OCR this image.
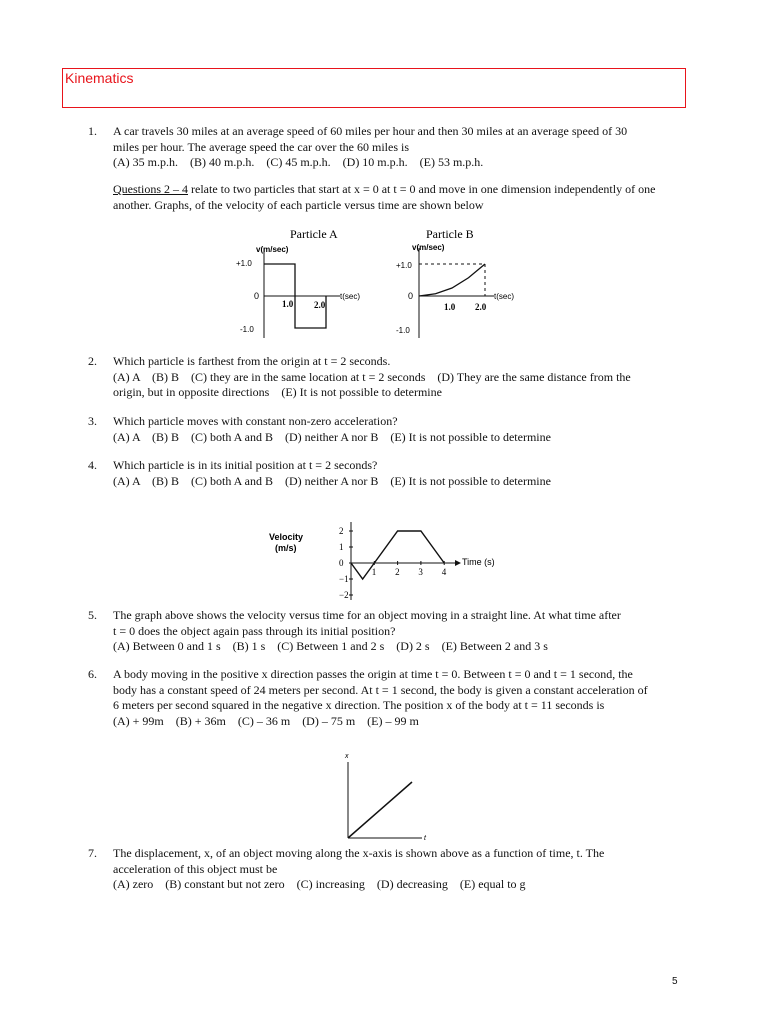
Kinematics
1. A car travels 30 miles at an average speed of 60 miles per hour and then 30 miles at an average speed of 30
miles per hour. The average speed the car over the 60 miles is
(A) 35 m.p.h.    (B) 40 m.p.h.    (C) 45 m.p.h.    (D) 10 m.p.h.    (E) 53 m.p.h.
Questions 2 – 4 relate to two particles that start at x = 0 at t = 0 and move in one dimension independently of one
another. Graphs, of the velocity of each particle versus time are shown below
Particle A
v(m/sec)
+1.0
0
-1.0
1.0 2.0
t(sec)
Particle B
v(m/sec)
+1.0
0
-1.0
1.0 2.0
t(sec)
2. Which particle is farthest from the origin at t = 2 seconds.
(A) A    (B) B    (C) they are in the same location at t = 2 seconds    (D) They are the same distance from the
origin, but in opposite directions    (E) It is not possible to determine
3. Which particle moves with constant non-zero acceleration?
(A) A    (B) B    (C) both A and B    (D) neither A nor B    (E) It is not possible to determine
4. Which particle is in its initial position at t = 2 seconds?
(A) A    (B) B    (C) both A and B    (D) neither A nor B    (E) It is not possible to determine
Velocity
(m/s)
2
1
0
−1
−2
1 2 3 4
Time (s)
5. The graph above shows the velocity versus time for an object moving in a straight line. At what time after
t = 0 does the object again pass through its initial position?
(A) Between 0 and 1 s    (B) 1 s    (C) Between 1 and 2 s    (D) 2 s    (E) Between 2 and 3 s
6. A body moving in the positive x direction passes the origin at time t = 0. Between t = 0 and t = 1 second, the
body has a constant speed of 24 meters per second. At t = 1 second, the body is given a constant acceleration of
6 meters per second squared in the negative x direction. The position x of the body at t = 11 seconds is
(A) + 99m    (B) + 36m    (C) – 36 m    (D) – 75 m    (E) – 99 m
x
t
7. The displacement, x, of an object moving along the x-axis is shown above as a function of time, t. The
acceleration of this object must be
(A) zero    (B) constant but not zero    (C) increasing    (D) decreasing    (E) equal to g
5
